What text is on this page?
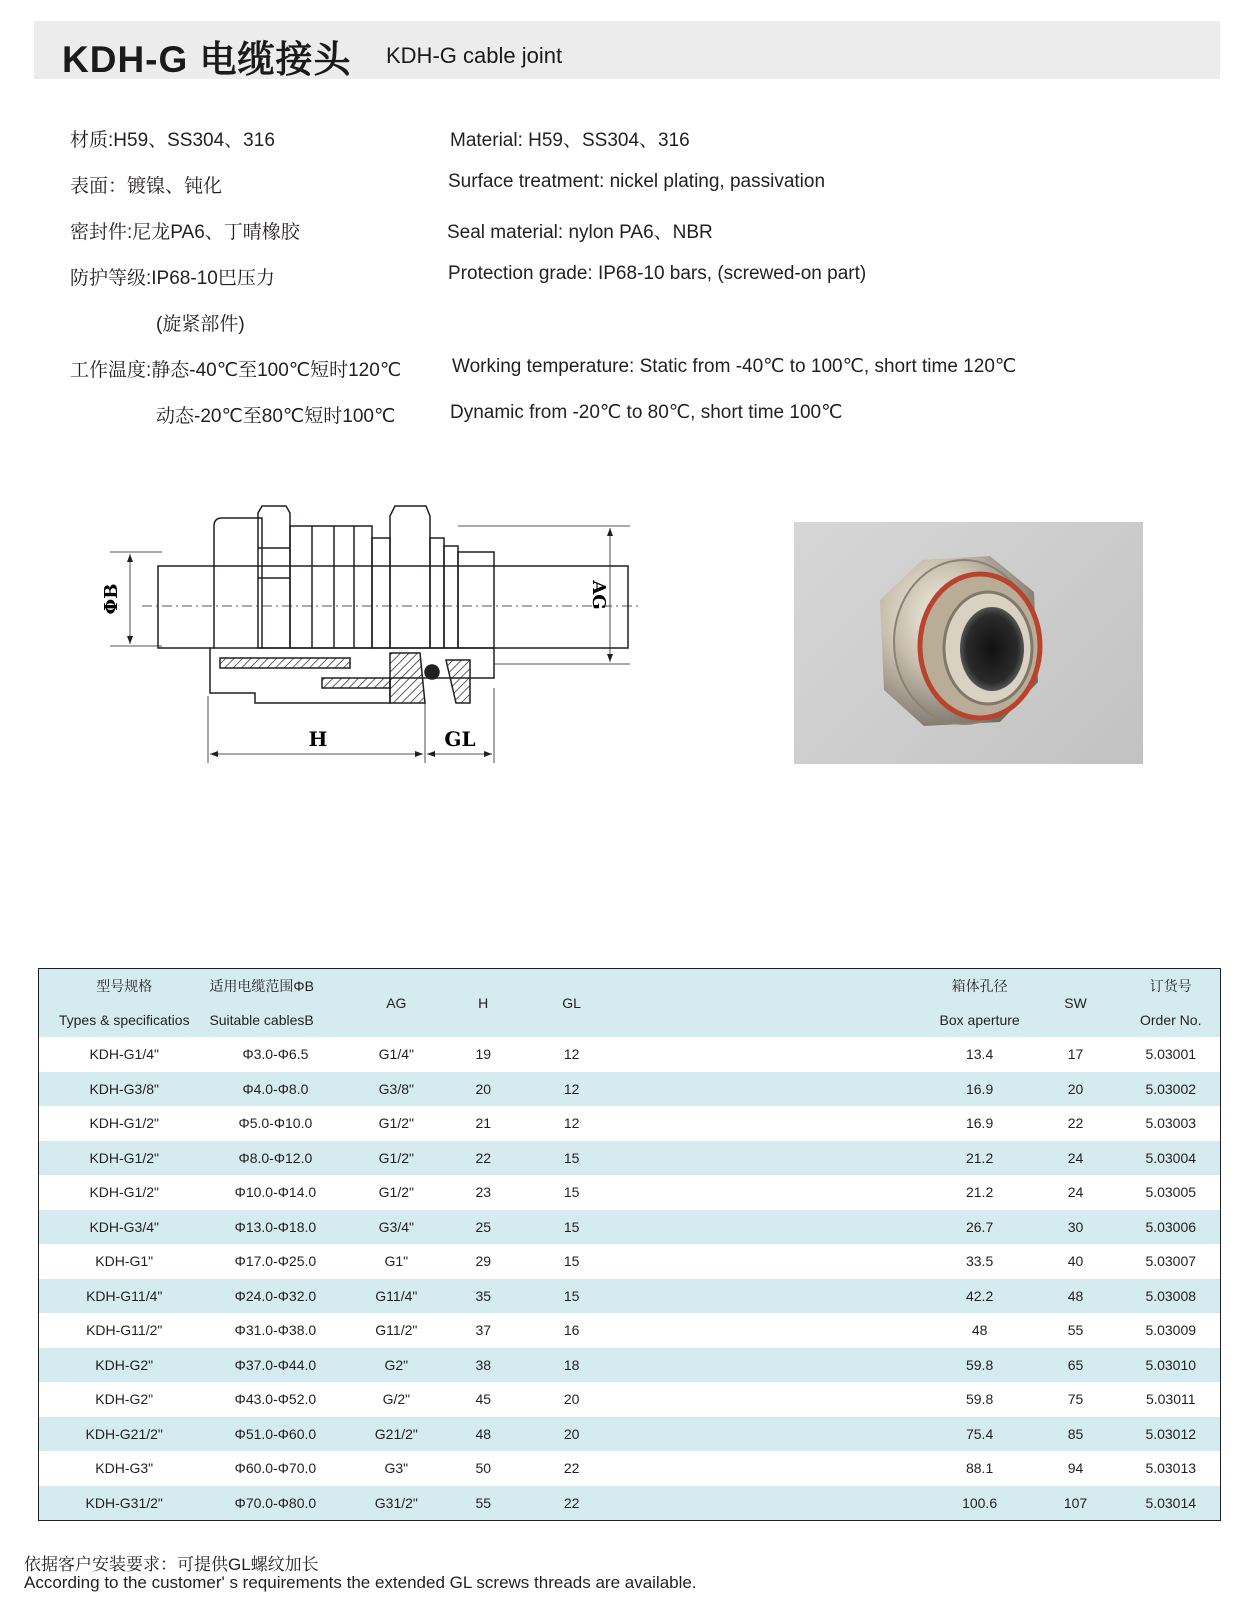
KDH-G 电缆接头 KDH-G cable joint
材质:H59、SS304、316	Material: H59、SS304、316
表面：镀镍、钝化	Surface treatment: nickel plating, passivation
密封件:尼龙PA6、丁晴橡胶	Seal material: nylon PA6、NBR
防护等级:IP68-10巴压力	Protection grade: IP68-10 bars, (screwed-on part)
(旋紧部件)
工作温度:静态-40℃至100℃短时120℃	Working temperature: Static from -40℃ to 100℃, short time 120℃
动态-20℃至80℃短时100℃	Dynamic from -20℃ to 80℃, short time 100℃
ΦB	AG
H	GL
型号规格	适用电缆范围ΦB	AG	H	GL		箱体孔径	SW	订货号
Types & specificatios	Suitable cablesB					Box aperture		Order No.
KDH-G1/4"	Φ3.0-Φ6.5	G1/4"	19	12		13.4	17	5.03001
KDH-G3/8"	Φ4.0-Φ8.0	G3/8"	20	12		16.9	20	5.03002
KDH-G1/2"	Φ5.0-Φ10.0	G1/2"	21	12		16.9	22	5.03003
KDH-G1/2"	Φ8.0-Φ12.0	G1/2"	22	15		21.2	24	5.03004
KDH-G1/2"	Φ10.0-Φ14.0	G1/2"	23	15		21.2	24	5.03005
KDH-G3/4"	Φ13.0-Φ18.0	G3/4"	25	15		26.7	30	5.03006
KDH-G1"	Φ17.0-Φ25.0	G1"	29	15		33.5	40	5.03007
KDH-G11/4"	Φ24.0-Φ32.0	G11/4"	35	15		42.2	48	5.03008
KDH-G11/2"	Φ31.0-Φ38.0	G11/2"	37	16		48	55	5.03009
KDH-G2"	Φ37.0-Φ44.0	G2"	38	18		59.8	65	5.03010
KDH-G2"	Φ43.0-Φ52.0	G/2"	45	20		59.8	75	5.03011
KDH-G21/2"	Φ51.0-Φ60.0	G21/2"	48	20		75.4	85	5.03012
KDH-G3"	Φ60.0-Φ70.0	G3"	50	22		88.1	94	5.03013
KDH-G31/2"	Φ70.0-Φ80.0	G31/2"	55	22		100.6	107	5.03014
依据客户安装要求：可提供GL螺纹加长
According to the customer' s requirements the extended GL screws threads are available.
